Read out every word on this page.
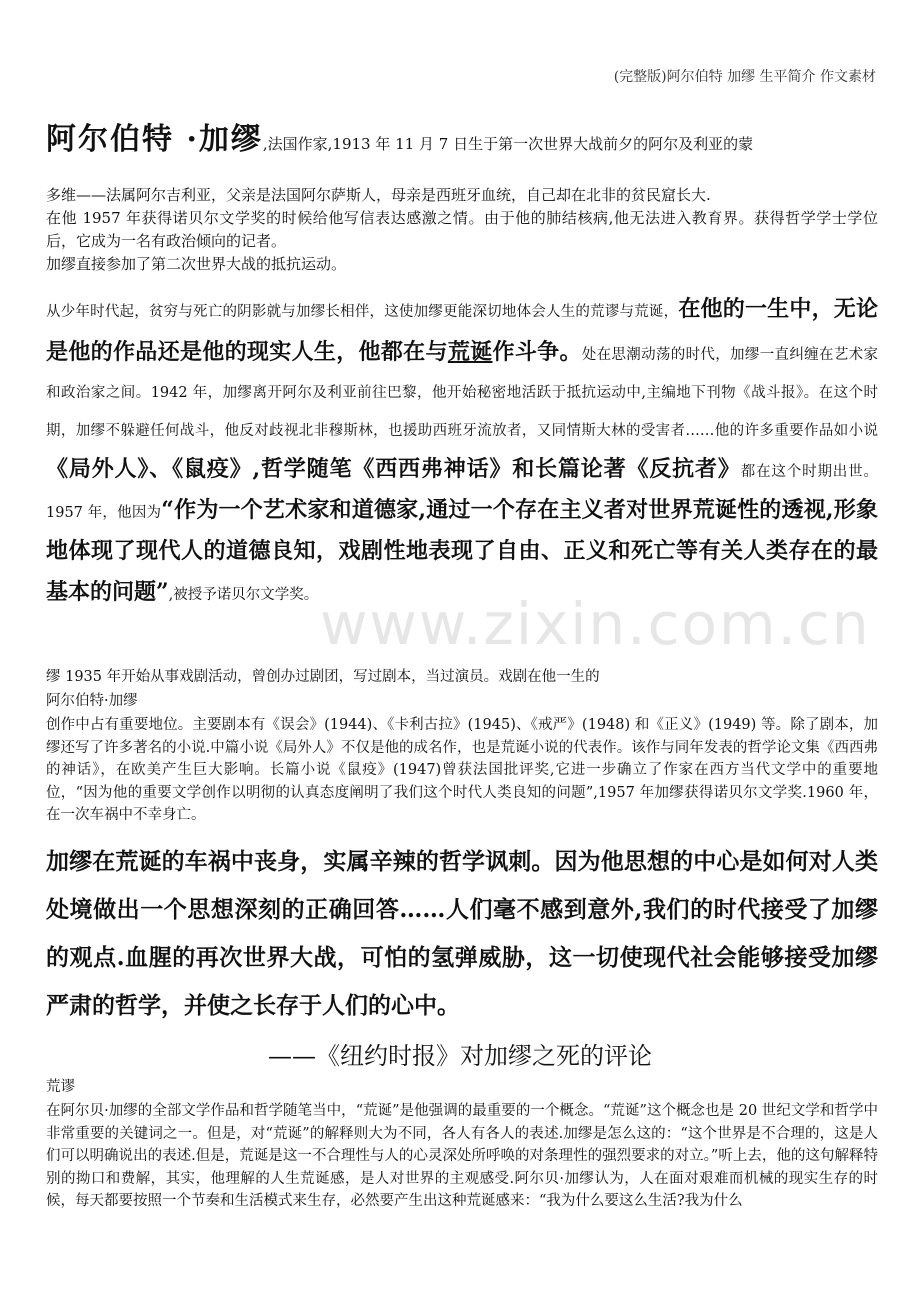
www.zixin.com.cn
(完整版)阿尔伯特 加缪 生平简介 作文素材
阿尔伯特 ·加缪,法国作家,1913 年 11 月 7 日生于第一次世界大战前夕的阿尔及利亚的蒙
多维——法属阿尔吉利亚，父亲是法国阿尔萨斯人，母亲是西班牙血统，自己却在北非的贫民窟长大.
在他 1957 年获得诺贝尔文学奖的时候给他写信表达感激之情。由于他的肺结核病,他无法进入教育界。获得哲学学士学位后，它成为一名有政治倾向的记者。
加缪直接参加了第二次世界大战的抵抗运动。
从少年时代起，贫穷与死亡的阴影就与加缪长相伴，这使加缪更能深切地体会人生的荒谬与荒诞，在他的一生中，无论是他的作品还是他的现实人生，他都在与荒诞作斗争。处在思潮动荡的时代，加缪一直纠缠在艺术家和政治家之间。1942 年，加缪离开阿尔及利亚前往巴黎，他开始秘密地活跃于抵抗运动中,主编地下刊物《战斗报》。在这个时期，加缪不躲避任何战斗，他反对歧视北非穆斯林，也援助西班牙流放者，又同情斯大林的受害者……他的许多重要作品如小说《局外人》、《鼠疫》,哲学随笔《西西弗神话》和长篇论著《反抗者》都在这个时期出世。1957 年，他因为“作为一个艺术家和道德家,通过一个存在主义者对世界荒诞性的透视,形象地体现了现代人的道德良知，戏剧性地表现了自由、正义和死亡等有关人类存在的最基本的问题”,被授予诺贝尔文学奖。
缪 1935 年开始从事戏剧活动，曾创办过剧团，写过剧本，当过演员。戏剧在他一生的
阿尔伯特·加缪
创作中占有重要地位。主要剧本有《误会》(1944)、《卡利古拉》(1945)、《戒严》(1948) 和《正义》(1949) 等。除了剧本，加缪还写了许多著名的小说.中篇小说《局外人》不仅是他的成名作，也是荒诞小说的代表作。该作与同年发表的哲学论文集《西西弗的神话》，在欧美产生巨大影响。长篇小说《鼠疫》(1947)曾获法国批评奖,它进一步确立了作家在西方当代文学中的重要地位，“因为他的重要文学创作以明彻的认真态度阐明了我们这个时代人类良知的问题”,1957 年加缪获得诺贝尔文学奖.1960 年，在一次车祸中不幸身亡。
加缪在荒诞的车祸中丧身，实属辛辣的哲学讽刺。因为他思想的中心是如何对人类处境做出一个思想深刻的正确回答……人们毫不感到意外,我们的时代接受了加缪的观点.血腥的再次世界大战，可怕的氢弹威胁，这一切使现代社会能够接受加缪严肃的哲学，并使之长存于人们的心中。
——《纽约时报》对加缪之死的评论
荒谬
在阿尔贝·加缪的全部文学作品和哲学随笔当中，“荒诞”是他强调的最重要的一个概念。“荒诞”这个概念也是 20 世纪文学和哲学中非常重要的关键词之一。但是，对“荒诞”的解释则大为不同，各人有各人的表述.加缪是怎么这的：“这个世界是不合理的，这是人们可以明确说出的表述.但是，荒诞是这一不合理性与人的心灵深处所呼唤的对条理性的强烈要求的对立。”听上去，他的这句解释特别的拗口和费解，其实，他理解的人生荒诞感，是人对世界的主观感受.阿尔贝·加缪认为，人在面对艰难而机械的现实生存的时候，每天都要按照一个节奏和生活模式来生存，必然要产生出这种荒诞感来：“我为什么要这么生活?我为什么
